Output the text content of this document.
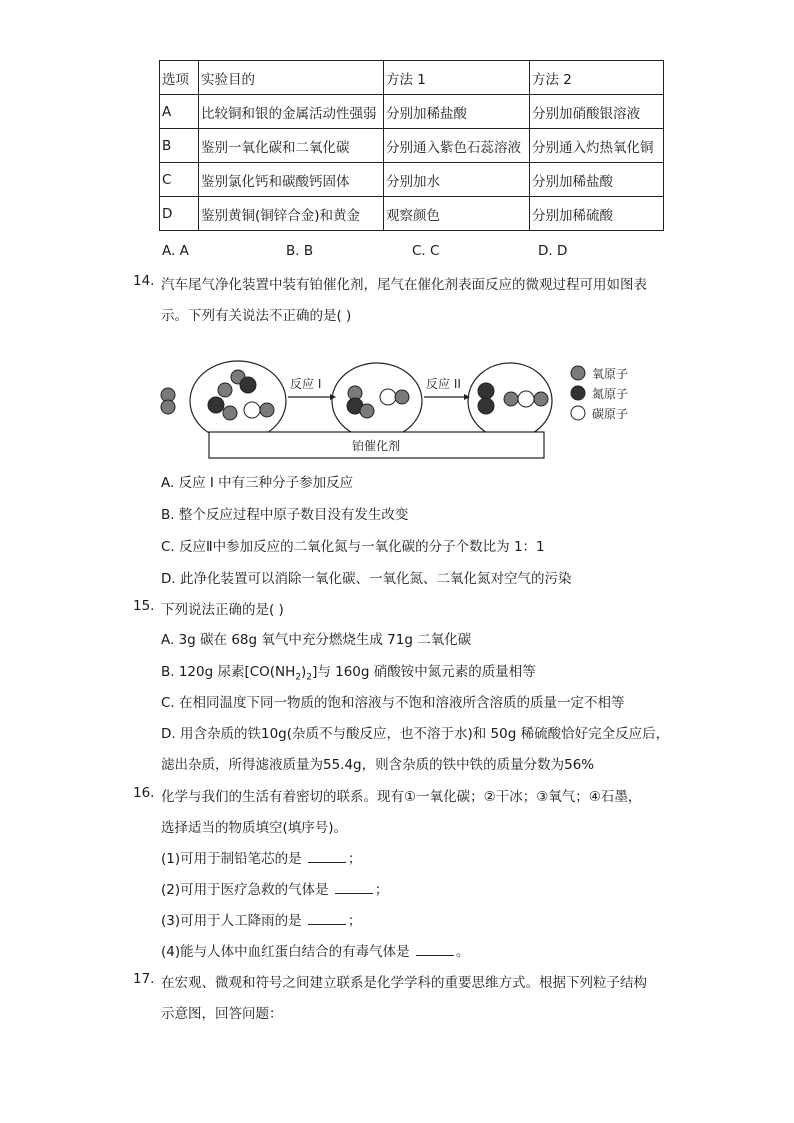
选项	实验目的	方法 1	方法 2
A	比较铜和银的金属活动性强弱	分别加稀盐酸	分别加硝酸银溶液
B	鉴别一氧化碳和二氧化碳	分别通入紫色石蕊溶液	分别通入灼热氧化铜
C	鉴别氯化钙和碳酸钙固体	分别加水	分别加稀盐酸
D	鉴别黄铜(铜锌合金)和黄金	观察颜色	分别加稀硫酸
A. A	B. B	C. C	D. D
14. 汽车尾气净化装置中装有铂催化剂，尾气在催化剂表面反应的微观过程可用如图表
示。下列有关说法不正确的是( )
反应 I	反应 II
铂催化剂
氧原子
氮原子
碳原子
A. 反应 I 中有三种分子参加反应
B. 整个反应过程中原子数目没有发生改变
C. 反应Ⅱ中参加反应的二氧化氮与一氧化碳的分子个数比为 1：1
D. 此净化装置可以消除一氧化碳、一氧化氮、二氧化氮对空气的污染
15. 下列说法正确的是( )
A. 3g 碳在 68g 氧气中充分燃烧生成 71g 二氧化碳
B. 120g 尿素$[CO(NH_2)_2]$与 160g 硝酸铵中氮元素的质量相等
C. 在相同温度下同一物质的饱和溶液与不饱和溶液所含溶质的质量一定不相等
D. 用含杂质的铁10g(杂质不与酸反应，也不溶于水)和 50g 稀硫酸恰好完全反应后，
滤出杂质，所得滤液质量为55.4g，则含杂质的铁中铁的质量分数为56%
16. 化学与我们的生活有着密切的联系。现有①一氧化碳；②干冰；③氧气；④石墨，
选择适当的物质填空(填序号)。
(1)可用于制铅笔芯的是	；
(2)可用于医疗急救的气体是	；
(3)可用于人工降雨的是	；
(4)能与人体中血红蛋白结合的有毒气体是	。
17. 在宏观、微观和符号之间建立联系是化学学科的重要思维方式。根据下列粒子结构
示意图，回答问题：
